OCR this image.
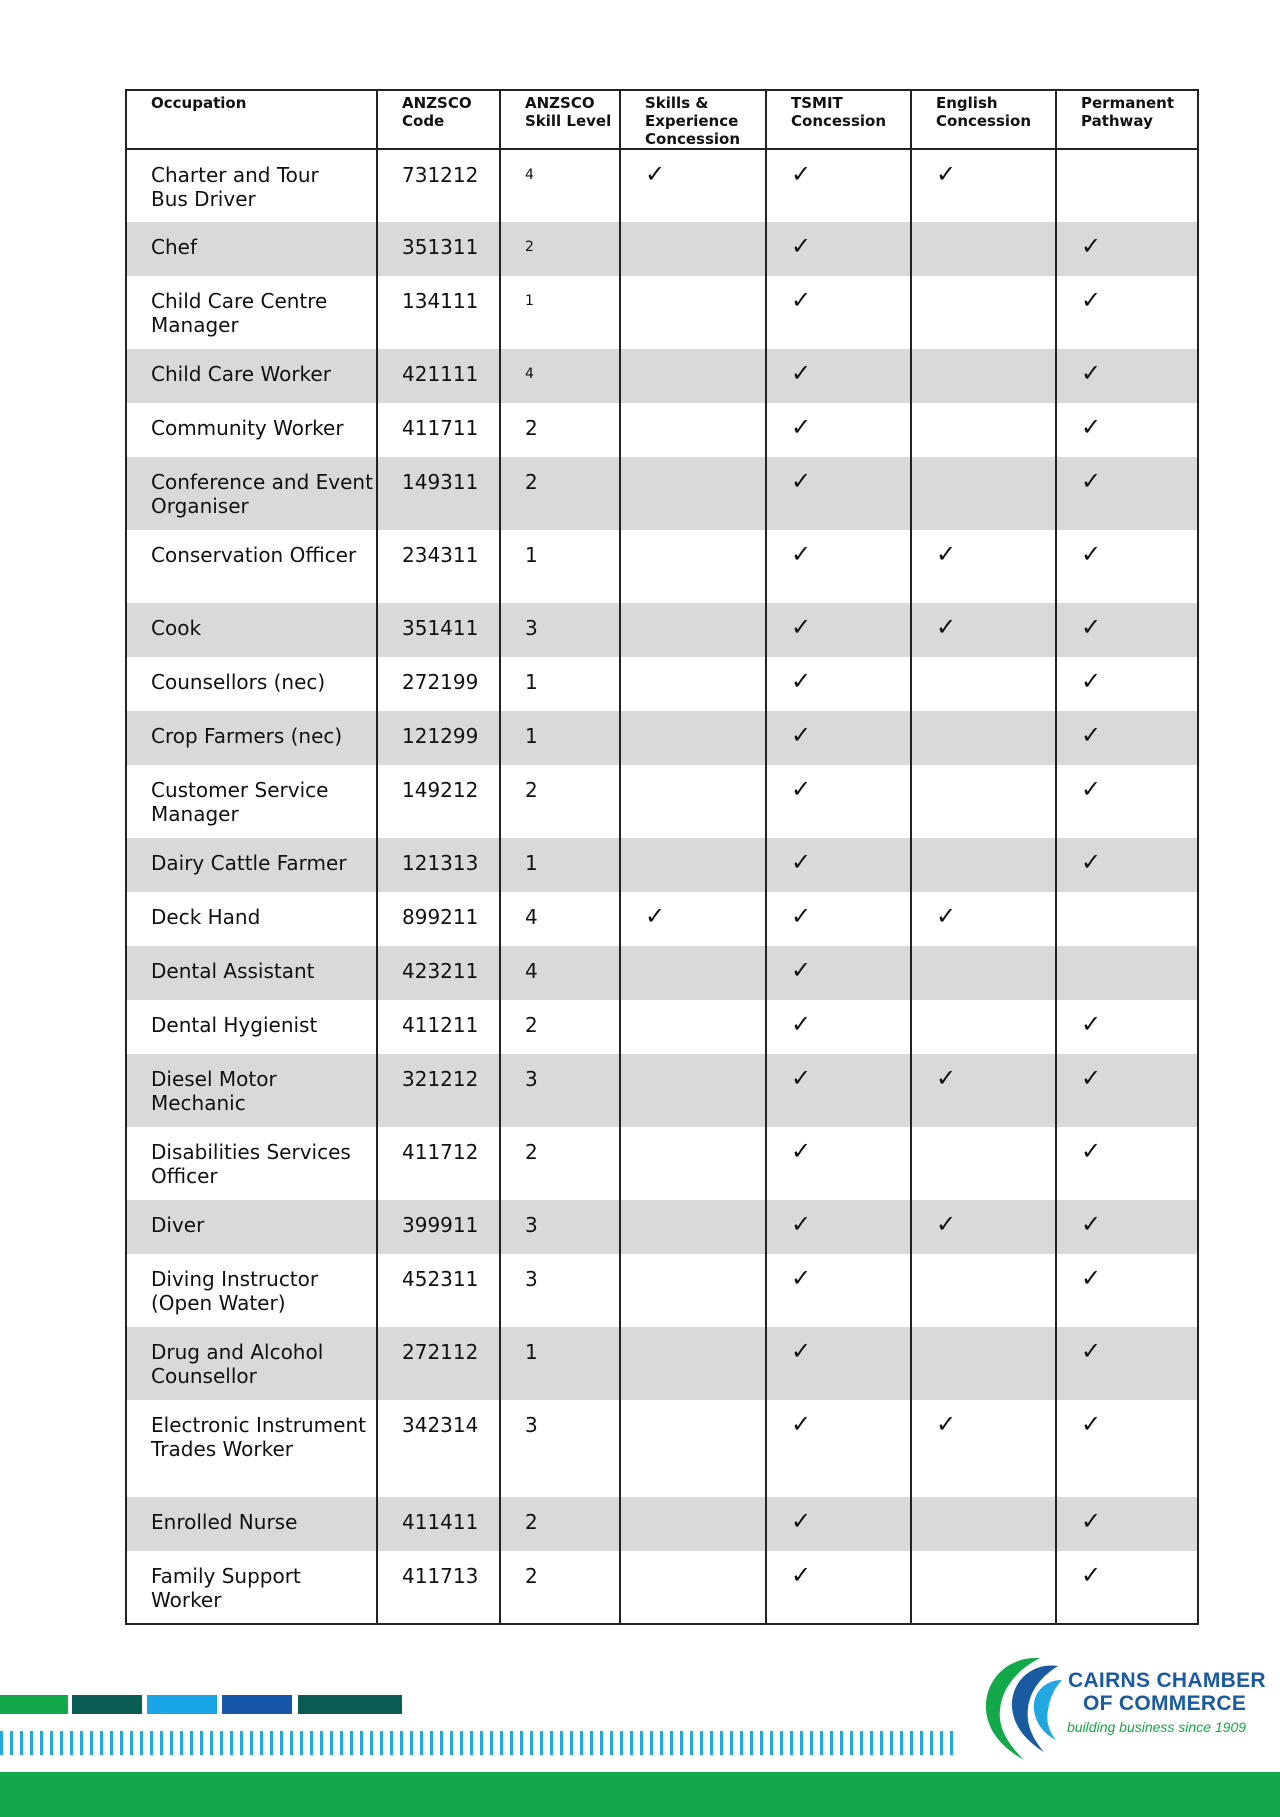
Occupation	ANZSCO Code	ANZSCO Skill Level	Skills & Experience Concession	TSMIT Concession	English Concession	Permanent Pathway
Charter and Tour Bus Driver	731212	4	✓	✓	✓	
Chef	351311	2		✓		✓
Child Care Centre Manager	134111	1		✓		✓
Child Care Worker	421111	4		✓		✓
Community Worker	411711	2		✓		✓
Conference and Event Organiser	149311	2		✓		✓
Conservation Officer	234311	1		✓	✓	✓
Cook	351411	3		✓	✓	✓
Counsellors (nec)	272199	1		✓		✓
Crop Farmers (nec)	121299	1		✓		✓
Customer Service Manager	149212	2		✓		✓
Dairy Cattle Farmer	121313	1		✓		✓
Deck Hand	899211	4	✓	✓	✓	
Dental Assistant	423211	4		✓		
Dental Hygienist	411211	2		✓		✓
Diesel Motor Mechanic	321212	3		✓	✓	✓
Disabilities Services Officer	411712	2		✓		✓
Diver	399911	3		✓	✓	✓
Diving Instructor (Open Water)	452311	3		✓		✓
Drug and Alcohol Counsellor	272112	1		✓		✓
Electronic Instrument Trades Worker	342314	3		✓	✓	✓
Enrolled Nurse	411411	2		✓		✓
Family Support Worker	411713	2		✓		✓
CAIRNS CHAMBER
OF COMMERCE
building business since 1909
